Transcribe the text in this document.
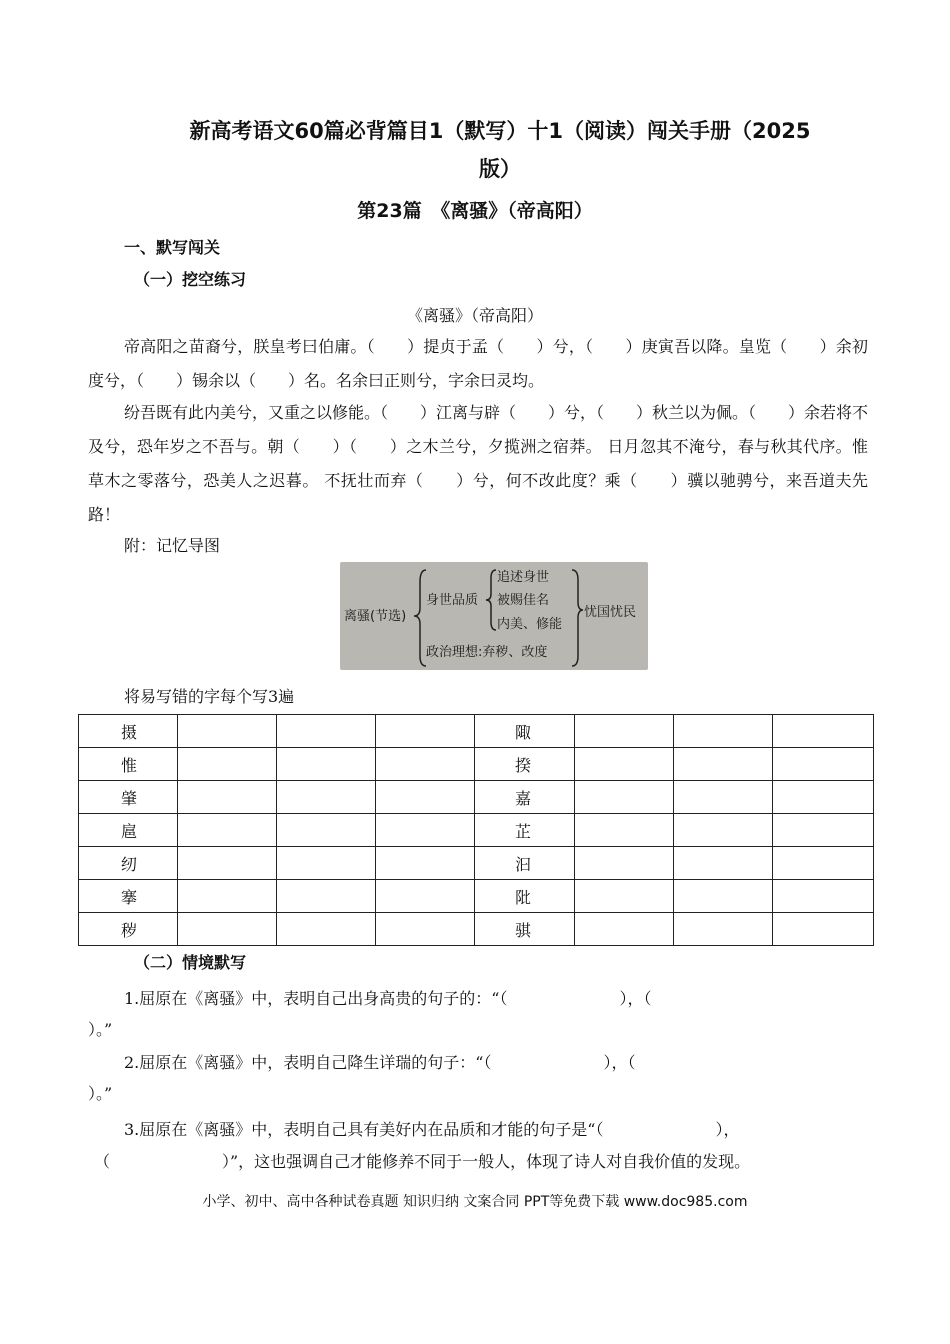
新高考语文60篇必背篇目1（默写）十1（阅读）闯关手册（2025
版）
第23篇　《离骚》（帝高阳）
一、默写闯关
（一）挖空练习
《离骚》（帝高阳）

帝高阳之苗裔兮，朕皇考曰伯庸。（　　）提贞于孟（　　）兮，（　　）庚寅吾以降。皇览（　　）余初度兮，（　　）锡余以（　　）名。名余曰正则兮，字余曰灵均。

纷吾既有此内美兮，又重之以修能。（　　）江离与辟（　　）兮，（　　）秋兰以为佩。（　　）余若将不及兮，恐年岁之不吾与。朝（　　）（　　）之木兰兮，夕揽洲之宿莽。 日月忽其不淹兮，春与秋其代序。惟草木之零落兮，恐美人之迟暮。 不抚壮而弃（　　）兮，何不改此度？乘（　　）骥以驰骋兮，来吾道夫先路！

附：记忆导图
离骚(节选)
身世品质
追述身世
被赐佳名
内美、修能
忧国忧民
政治理想:弃秽、改度
将易写错的字每个写3遍
摄				陬			
惟				揆			
肇				嘉			
扈				芷			
纫				汩			
搴				阰			
秽				骐			
（二）情境默写
1.屈原在《离骚》中，表明自己出身高贵的句子的：“（　　　　　　　），（
）。”
2.屈原在《离骚》中，表明自己降生详瑞的句子：“（　　　　　　　），（
）。”
3.屈原在《离骚》中，表明自己具有美好内在品质和才能的句子是“（　　　　　　　），
（　　　　　　　）”，这也强调自己才能修养不同于一般人，体现了诗人对自我价值的发现。
小学、初中、高中各种试卷真题 知识归纳 文案合同 PPT等免费下载 www.doc985.com
